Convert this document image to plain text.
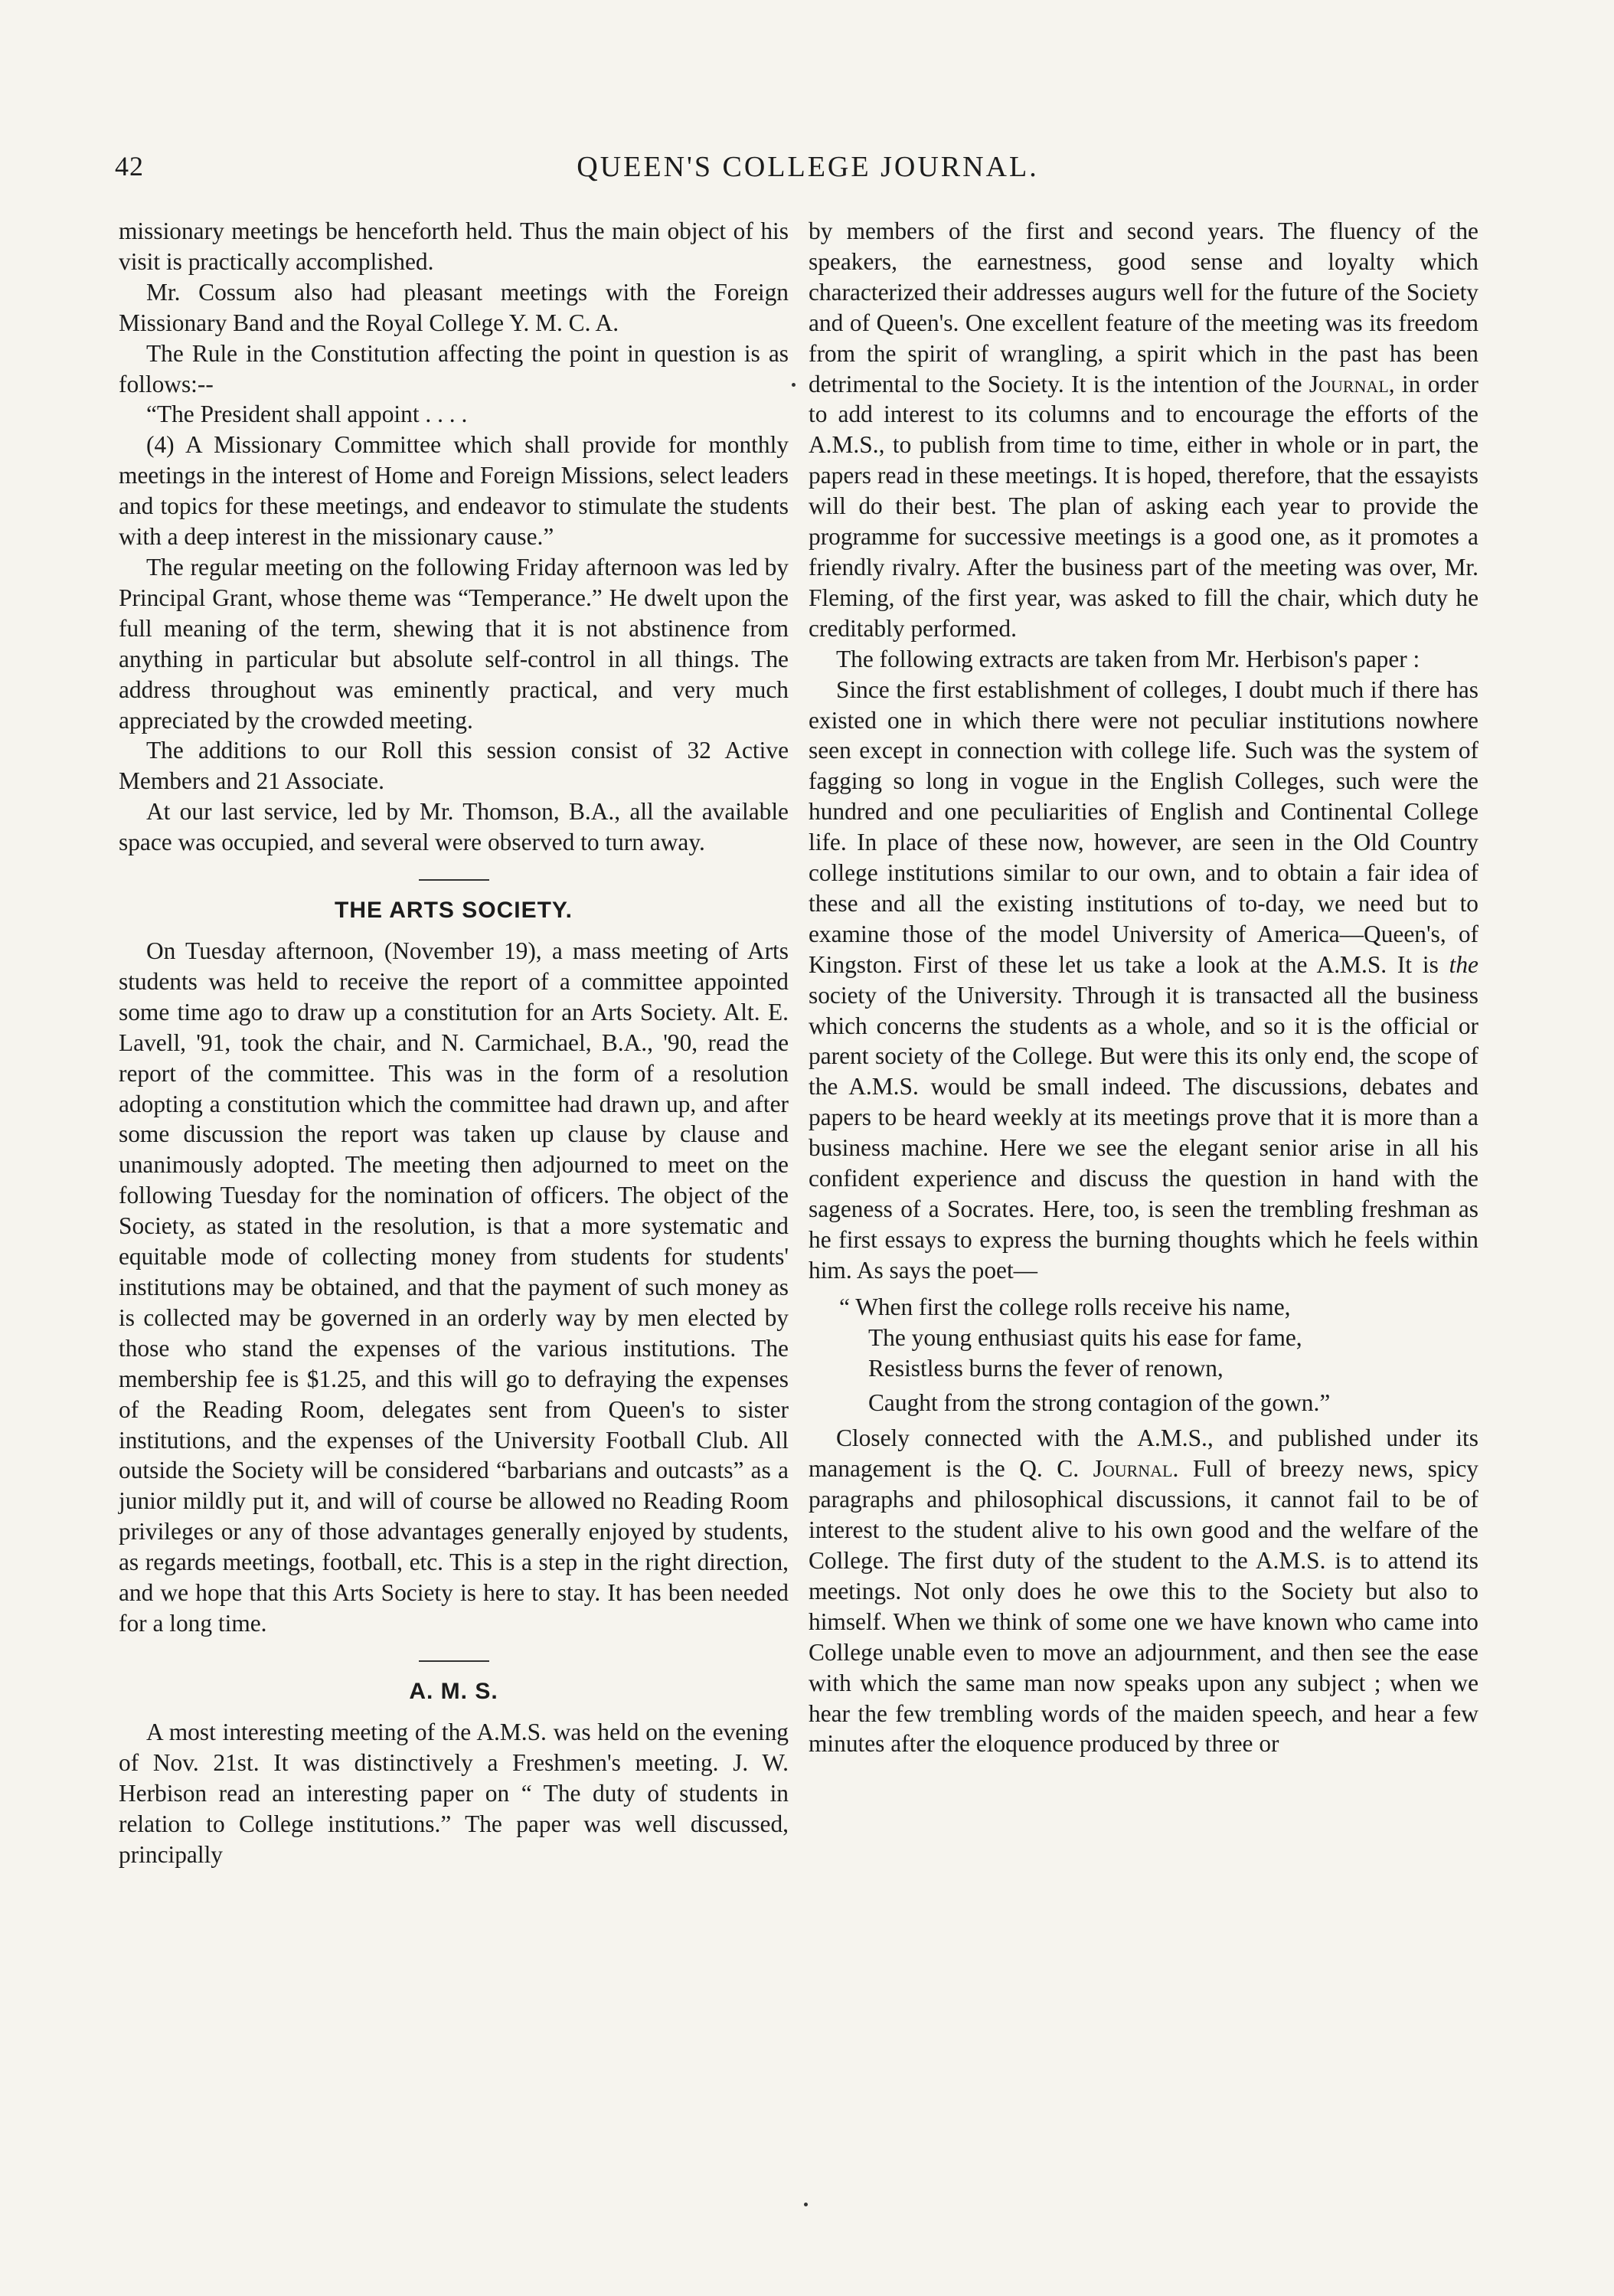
42	QUEEN'S COLLEGE JOURNAL.

missionary meetings be henceforth held. Thus the main object of his visit is practically accomplished.

Mr. Cossum also had pleasant meetings with the Foreign Missionary Band and the Royal College Y. M. C. A.

The Rule in the Constitution affecting the point in question is as follows:--

“The President shall appoint . . . .

(4) A Missionary Committee which shall provide for monthly meetings in the interest of Home and Foreign Missions, select leaders and topics for these meetings, and endeavor to stimulate the students with a deep interest in the missionary cause.”

The regular meeting on the following Friday afternoon was led by Principal Grant, whose theme was “Temperance.” He dwelt upon the full meaning of the term, shewing that it is not abstinence from anything in particular but absolute self-control in all things. The address throughout was eminently practical, and very much appreciated by the crowded meeting.

The additions to our Roll this session consist of 32 Active Members and 21 Associate.

At our last service, led by Mr. Thomson, B.A., all the available space was occupied, and several were observed to turn away.

THE ARTS SOCIETY.

On Tuesday afternoon, (November 19), a mass meeting of Arts students was held to receive the report of a committee appointed some time ago to draw up a constitution for an Arts Society. Alt. E. Lavell, '91, took the chair, and N. Carmichael, B.A., '90, read the report of the committee. This was in the form of a resolution adopting a constitution which the committee had drawn up, and after some discussion the report was taken up clause by clause and unanimously adopted. The meeting then adjourned to meet on the following Tuesday for the nomination of officers. The object of the Society, as stated in the resolution, is that a more systematic and equitable mode of collecting money from students for students' institutions may be obtained, and that the payment of such money as is collected may be governed in an orderly way by men elected by those who stand the expenses of the various institutions. The membership fee is $1.25, and this will go to defraying the expenses of the Reading Room, delegates sent from Queen's to sister institutions, and the expenses of the University Football Club. All outside the Society will be considered “barbarians and outcasts” as a junior mildly put it, and will of course be allowed no Reading Room privileges or any of those advantages generally enjoyed by students, as regards meetings, football, etc. This is a step in the right direction, and we hope that this Arts Society is here to stay. It has been needed for a long time.

A. M. S.

A most interesting meeting of the A.M.S. was held on the evening of Nov. 21st. It was distinctively a Freshmen's meeting. J. W. Herbison read an interesting paper on “ The duty of students in relation to College institutions.” The paper was well discussed, principally

by members of the first and second years. The fluency of the speakers, the earnestness, good sense and loyalty which characterized their addresses augurs well for the future of the Society and of Queen's. One excellent feature of the meeting was its freedom from the spirit of wrangling, a spirit which in the past has been detrimental to the Society. It is the intention of the Journal, in order to add interest to its columns and to encourage the efforts of the A.M.S., to publish from time to time, either in whole or in part, the papers read in these meetings. It is hoped, therefore, that the essayists will do their best. The plan of asking each year to provide the programme for successive meetings is a good one, as it promotes a friendly rivalry. After the business part of the meeting was over, Mr. Fleming, of the first year, was asked to fill the chair, which duty he creditably performed.

The following extracts are taken from Mr. Herbison's paper :

Since the first establishment of colleges, I doubt much if there has existed one in which there were not peculiar institutions nowhere seen except in connection with college life. Such was the system of fagging so long in vogue in the English Colleges, such were the hundred and one peculiarities of English and Continental College life. In place of these now, however, are seen in the Old Country college institutions similar to our own, and to obtain a fair idea of these and all the existing institutions of to-day, we need but to examine those of the model University of America—Queen's, of Kingston. First of these let us take a look at the A.M.S. It is the society of the University. Through it is transacted all the business which concerns the students as a whole, and so it is the official or parent society of the College. But were this its only end, the scope of the A.M.S. would be small indeed. The discussions, debates and papers to be heard weekly at its meetings prove that it is more than a business machine. Here we see the elegant senior arise in all his confident experience and discuss the question in hand with the sageness of a Socrates. Here, too, is seen the trembling freshman as he first essays to express the burning thoughts which he feels within him. As says the poet—

“ When first the college rolls receive his name,
The young enthusiast quits his ease for fame,
Resistless burns the fever of renown,
Caught from the strong contagion of the gown.”

Closely connected with the A.M.S., and published under its management is the Q. C. Journal. Full of breezy news, spicy paragraphs and philosophical discussions, it cannot fail to be of interest to the student alive to his own good and the welfare of the College. The first duty of the student to the A.M.S. is to attend its meetings. Not only does he owe this to the Society but also to himself. When we think of some one we have known who came into College unable even to move an adjournment, and then see the ease with which the same man now speaks upon any subject ; when we hear the few trembling words of the maiden speech, and hear a few minutes after the eloquence produced by three or
